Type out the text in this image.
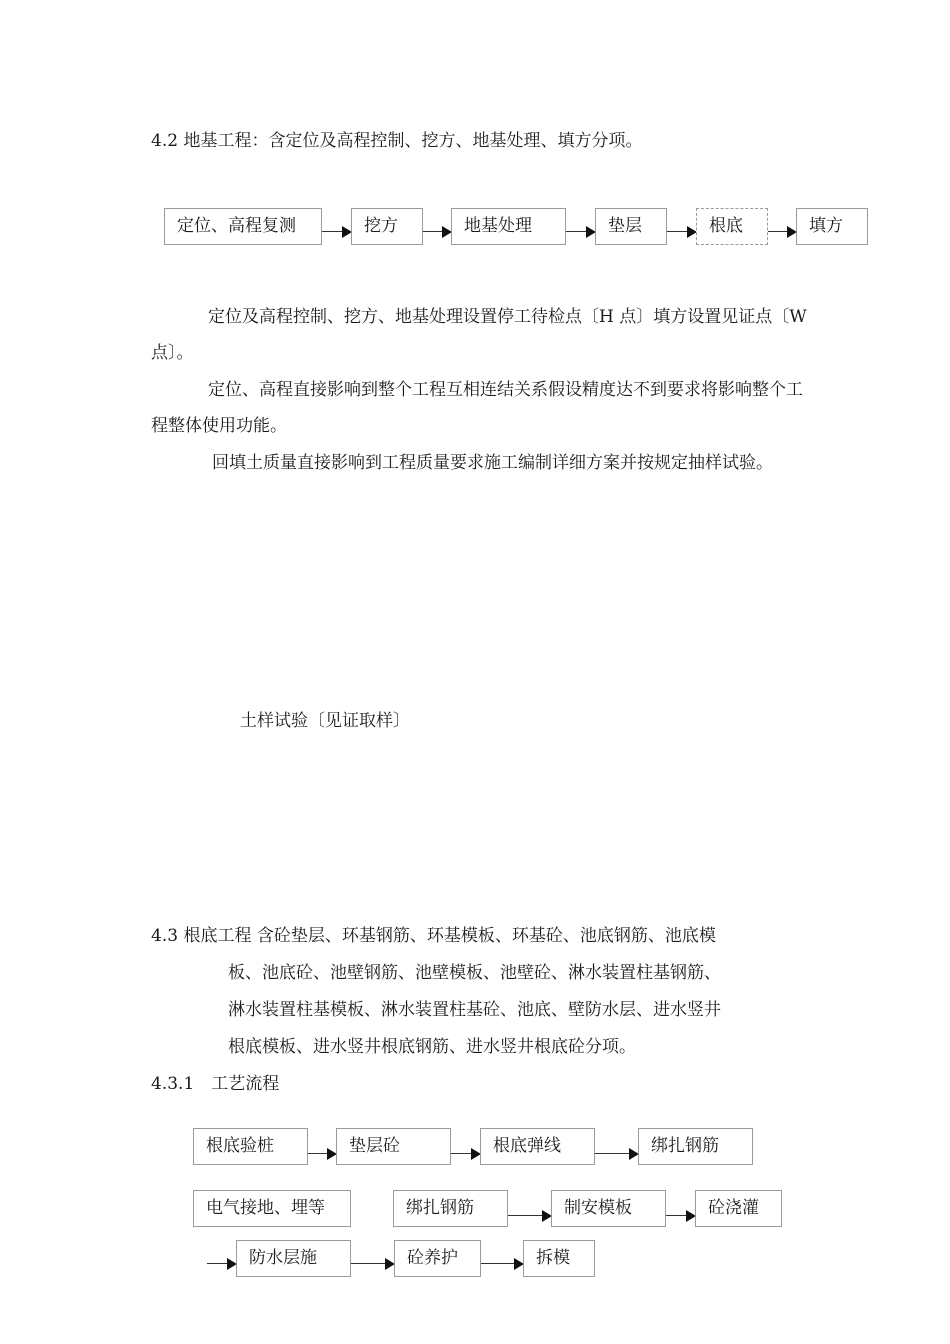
4.2 地基工程：含定位及高程控制、挖方、地基处理、填方分项。
定位、高程复测	挖方	地基处理	垫层	根底	填方
定位及高程控制、挖方、地基处理设置停工待检点〔H 点〕填方设置见证点〔W 点〕。
定位、高程直接影响到整个工程互相连结关系假设精度达不到要求将影响整个工程整体使用功能。
回填土质量直接影响到工程质量要求施工编制详细方案并按规定抽样试验。
土样试验〔见证取样〕
4.3 根底工程 含砼垫层、环基钢筋、环基模板、环基砼、池底钢筋、池底模
板、池底砼、池壁钢筋、池壁模板、池壁砼、淋水装置柱基钢筋、
淋水装置柱基模板、淋水装置柱基砼、池底、壁防水层、进水竖井
根底模板、进水竖井根底钢筋、进水竖井根底砼分项。
4.3.1　工艺流程
根底验桩	垫层砼	根底弹线	绑扎钢筋
电气接地、埋等	绑扎钢筋	制安模板	砼浇灌
防水层施	砼养护	拆模
